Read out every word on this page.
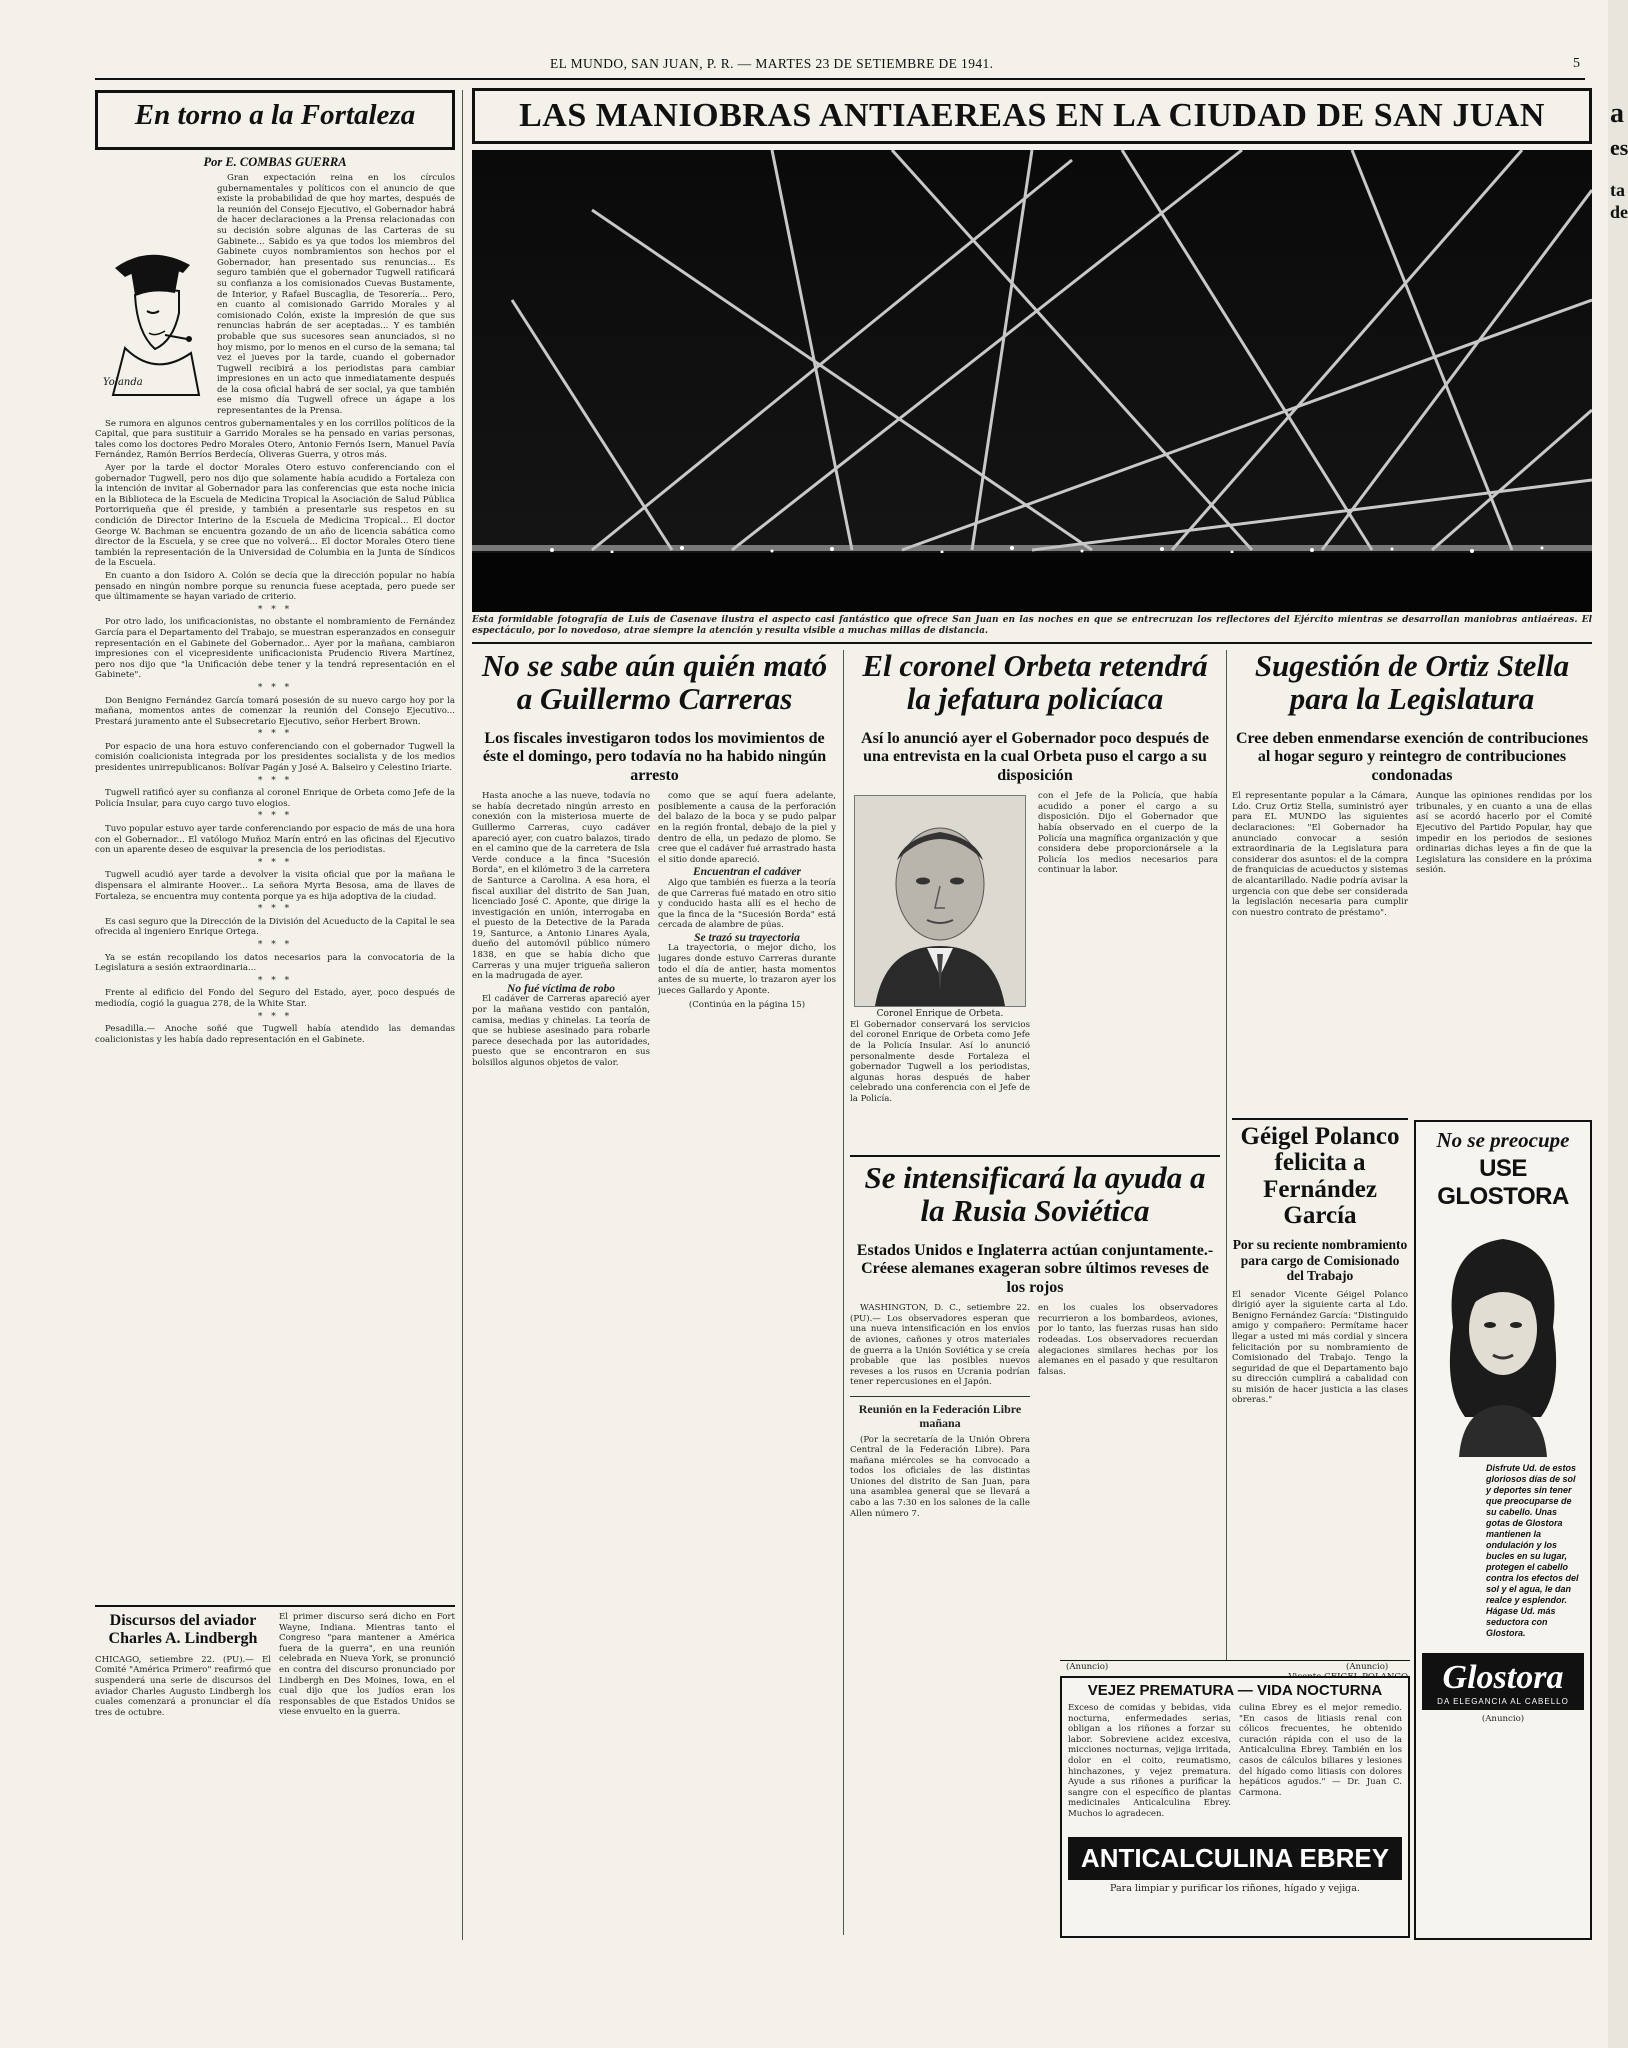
EL MUNDO, SAN JUAN, P. R. — MARTES 23 DE SETIEMBRE DE 1941.	5
a
es
ta
de
En torno a la Fortaleza
Por E. COMBAS GUERRA
Yolanda

Gran expectación reina en los círculos gubernamentales y políticos con el anuncio de que existe la probabilidad de que hoy martes, después de la reunión del Consejo Ejecutivo, el Gobernador habrá de hacer declaraciones a la Prensa relacionadas con su decisión sobre algunas de las Carteras de su Gabinete... Sabido es ya que todos los miembros del Gabinete cuyos nombramientos son hechos por el Gobernador, han presentado sus renuncias... Es seguro también que el gobernador Tugwell ratificará su confianza a los comisionados Cuevas Bustamente, de Interior, y Rafael Buscaglia, de Tesorería... Pero, en cuanto al comisionado Garrido Morales y al comisionado Colón, existe la impresión de que sus renuncias habrán de ser aceptadas... Y es también probable que sus sucesores sean anunciados, si no hoy mismo, por lo menos en el curso de la semana; tal vez el jueves por la tarde, cuando el gobernador Tugwell recibirá a los periodistas para cambiar impresiones en un acto que inmediatamente después de la cosa oficial habrá de ser social, ya que también ese mismo día Tugwell ofrece un ágape a los representantes de la Prensa.

Se rumora en algunos centros gubernamentales y en los corrillos políticos de la Capital, que para sustituir a Garrido Morales se ha pensado en varias personas, tales como los doctores Pedro Morales Otero, Antonio Fernós Isern, Manuel Pavía Fernández, Ramón Berríos Berdecía, Oliveras Guerra, y otros más.

Ayer por la tarde el doctor Morales Otero estuvo conferenciando con el gobernador Tugwell, pero nos dijo que solamente había acudido a Fortaleza con la intención de invitar al Gobernador para las conferencias que esta noche inicia en la Biblioteca de la Escuela de Medicina Tropical la Asociación de Salud Pública Portorriqueña que él preside, y también a presentarle sus respetos en su condición de Director Interino de la Escuela de Medicina Tropical... El doctor George W. Bachman se encuentra gozando de un año de licencia sabática como director de la Escuela, y se cree que no volverá... El doctor Morales Otero tiene también la representación de la Universidad de Columbia en la Junta de Síndicos de la Escuela.

En cuanto a don Isidoro A. Colón se decía que la dirección popular no había pensado en ningún nombre porque su renuncia fuese aceptada, pero puede ser que últimamente se hayan variado de criterio.

* * *

Por otro lado, los unificacionistas, no obstante el nombramiento de Fernández García para el Departamento del Trabajo, se muestran esperanzados en conseguir representación en el Gabinete del Gobernador... Ayer por la mañana, cambiaron impresiones con el vicepresidente unificacionista Prudencio Rivera Martínez, pero nos dijo que "la Unificación debe tener y la tendrá representación en el Gabinete".

* * *

Don Benigno Fernández García tomará posesión de su nuevo cargo hoy por la mañana, momentos antes de comenzar la reunión del Consejo Ejecutivo... Prestará juramento ante el Subsecretario Ejecutivo, señor Herbert Brown.

* * *

Por espacio de una hora estuvo conferenciando con el gobernador Tugwell la comisión coalicionista integrada por los presidentes socialista y de los medios presidentes unirrepublicanos: Bolívar Pagán y José A. Balseiro y Celestino Iriarte.

* * *

Tugwell ratificó ayer su confianza al coronel Enrique de Orbeta como Jefe de la Policía Insular, para cuyo cargo tuvo elogios.

* * *

Tuvo popular estuvo ayer tarde conferenciando por espacio de más de una hora con el Gobernador... El vatólogo Muñoz Marín entró en las oficinas del Ejecutivo con un aparente deseo de esquivar la presencia de los periodistas.

* * *

Tugwell acudió ayer tarde a devolver la visita oficial que por la mañana le dispensara el almirante Hoover... La señora Myrta Besosa, ama de llaves de Fortaleza, se encuentra muy contenta porque ya es hija adoptiva de la ciudad.

* * *

Es casi seguro que la Dirección de la División del Acueducto de la Capital le sea ofrecida al ingeniero Enrique Ortega.

* * *

Ya se están recopilando los datos necesarios para la convocatoria de la Legislatura a sesión extraordinaria...

* * *

Frente al edificio del Fondo del Seguro del Estado, ayer, poco después de mediodía, cogió la guagua 278, de la White Star.

* * *

Pesadilla.— Anoche soñé que Tugwell había atendido las demandas coalicionistas y les había dado representación en el Gabinete.

Discursos del aviador Charles A. Lindbergh
CHICAGO, setiembre 22. (PU).— El Comité "América Primero" reafirmó que suspenderá una serie de discursos del aviador Charles Augusto Lindbergh los cuales comenzará a pronunciar el día tres de octubre.
El primer discurso será dicho en Fort Wayne, Indiana. Mientras tanto el Congreso "para mantener a América fuera de la guerra", en una reunión celebrada en Nueva York, se pronunció en contra del discurso pronunciado por Lindbergh en Des Moines, Iowa, en el cual dijo que los judíos eran los responsables de que Estados Unidos se viese envuelto en la guerra.
LAS MANIOBRAS ANTIAEREAS EN LA CIUDAD DE SAN JUAN
Esta formidable fotografía de Luis de Casenave ilustra el aspecto casi fantástico que ofrece San Juan en las noches en que se entrecruzan los reflectores del Ejército mientras se desarrollan maniobras antiaéreas. El espectáculo, por lo novedoso, atrae siempre la atención y resulta visible a muchas millas de distancia.
No se sabe aún quién mató a Guillermo Carreras
Los fiscales investigaron todos los movimientos de éste el domingo, pero todavía no ha habido ningún arresto

Hasta anoche a las nueve, todavía no se había decretado ningún arresto en conexión con la misteriosa muerte de Guillermo Carreras, cuyo cadáver apareció ayer, con cuatro balazos, tirado en el camino que de la carretera de Isla Verde conduce a la finca "Sucesión Borda", en el kilómetro 3 de la carretera de Santurce a Carolina. A esa hora, el fiscal auxiliar del distrito de San Juan, licenciado José C. Aponte, que dirige la investigación en unión, interrogaba en el puesto de la Detective de la Parada 19, Santurce, a Antonio Linares Ayala, dueño del automóvil público número 1838, en que se había dicho que Carreras y una mujer trigueña salieron en la madrugada de ayer.

No fué víctima de robo

El cadáver de Carreras apareció ayer por la mañana vestido con pantalón, camisa, medias y chinelas. La teoría de que se hubiese asesinado para robarle parece desechada por las autoridades, puesto que se encontraron en sus bolsillos algunos objetos de valor.

como que se aquí fuera adelante, posiblemente a causa de la perforación del balazo de la boca y se pudo palpar en la región frontal, debajo de la piel y dentro de ella, un pedazo de plomo. Se cree que el cadáver fué arrastrado hasta el sitio donde apareció.

Encuentran el cadáver

Algo que también es fuerza a la teoría de que Carreras fué matado en otro sitio y conducido hasta allí es el hecho de que la finca de la "Sucesión Borda" está cercada de alambre de púas.

Se trazó su trayectoria

La trayectoria, o mejor dicho, los lugares donde estuvo Carreras durante todo el día de antier, hasta momentos antes de su muerte, lo trazaron ayer los jueces Gallardo y Aponte.

(Continúa en la página 15)
El coronel Orbeta retendrá la jefatura policíaca
Así lo anunció ayer el Gobernador poco después de una entrevista en la cual Orbeta puso el cargo a su disposición
Coronel Enrique de Orbeta.
El Gobernador conservará los servicios del coronel Enrique de Orbeta como Jefe de la Policía Insular. Así lo anunció personalmente desde Fortaleza el gobernador Tugwell a los periodistas, algunas horas después de haber celebrado una conferencia con el Jefe de la Policía.
con el Jefe de la Policía, que había acudido a poner el cargo a su disposición. Dijo el Gobernador que había observado en el cuerpo de la Policía una magnífica organización y que considera debe proporcionársele a la Policía los medios necesarios para continuar la labor.
Se intensificará la ayuda a la Rusia Soviética
Estados Unidos e Inglaterra actúan conjuntamente.-Créese alemanes exageran sobre últimos reveses de los rojos

WASHINGTON, D. C., setiembre 22. (PU).— Los observadores esperan que una nueva intensificación en los envíos de aviones, cañones y otros materiales de guerra a la Unión Soviética y se creía probable que las posibles nuevos reveses a los rusos en Ucrania podrían tener repercusiones en el Japón.

Reunión en la Federación Libre mañana

(Por la secretaría de la Unión Obrera Central de la Federación Libre). Para mañana miércoles se ha convocado a todos los oficiales de las distintas Uniones del distrito de San Juan, para una asamblea general que se llevará a cabo a las 7:30 en los salones de la calle Allen número 7.

en los cuales los observadores recurrieron a los bombardeos, aviones, por lo tanto, las fuerzas rusas han sido rodeadas. Los observadores recuerdan alegaciones similares hechas por los alemanes en el pasado y que resultaron falsas.
Sugestión de Ortiz Stella para la Legislatura
Cree deben enmendarse exención de contribuciones al hogar seguro y reintegro de contribuciones condonadas
El representante popular a la Cámara, Ldo. Cruz Ortiz Stella, suministró ayer para EL MUNDO las siguientes declaraciones: "El Gobernador ha anunciado convocar a sesión extraordinaria de la Legislatura para considerar dos asuntos: el de la compra de franquicias de acueductos y sistemas de alcantarillado. Nadie podría avisar la urgencia con que debe ser considerada la legislación necesaria para cumplir con nuestro contrato de préstamo".
Aunque las opiniones rendidas por los tribunales, y en cuanto a una de ellas así se acordó hacerlo por el Comité Ejecutivo del Partido Popular, hay que impedir en los periodos de sesiones ordinarias dichas leyes a fin de que la Legislatura las considere en la próxima sesión.
Géigel Polanco felicita a Fernández García
Por su reciente nombramiento para cargo de Comisionado del Trabajo
El senador Vicente Géigel Polanco dirigió ayer la siguiente carta al Ldo. Benigno Fernández García: "Distinguido amigo y compañero: Permítame hacer llegar a usted mi más cordial y sincera felicitación por su nombramiento de Comisionado del Trabajo. Tengo la seguridad de que el Departamento bajo su dirección cumplirá a cabalidad con su misión de hacer justicia a las clases obreras."
No se preocupe
USE GLOSTORA
Disfrute Ud. de estos gloriosos días de sol y deportes sin tener que preocuparse de su cabello. Unas gotas de Glostora mantienen la ondulación y los bucles en su lugar, protegen el cabello contra los efectos del sol y el agua, le dan realce y esplendor. Hágase Ud. más seductora con Glostora.
Glostora
DA ELEGANCIA AL CABELLO
(Anuncio)
(Anuncio)	(Anuncio)
VEJEZ PREMATURA — VIDA NOCTURNA
Exceso de comidas y bebidas, vida nocturna, enfermedades serias, obligan a los riñones a forzar su labor. Sobreviene acidez excesiva, micciones nocturnas, vejiga irritada, dolor en el coito, reumatismo, hinchazones, y vejez prematura. Ayude a sus riñones a purificar la sangre con el específico de plantas medicinales Anticalculina Ebrey. Muchos lo agradecen.
culina Ebrey es el mejor remedio. "En casos de litiasis renal con cólicos frecuentes, he obtenido curación rápida con el uso de la Anticalculina Ebrey. También en los casos de cálculos biliares y lesiones del hígado como litiasis con dolores hepáticos agudos." — Dr. Juan C. Carmona.
ANTICALCULINA EBREY
Para limpiar y purificar los riñones, hígado y vejiga.
